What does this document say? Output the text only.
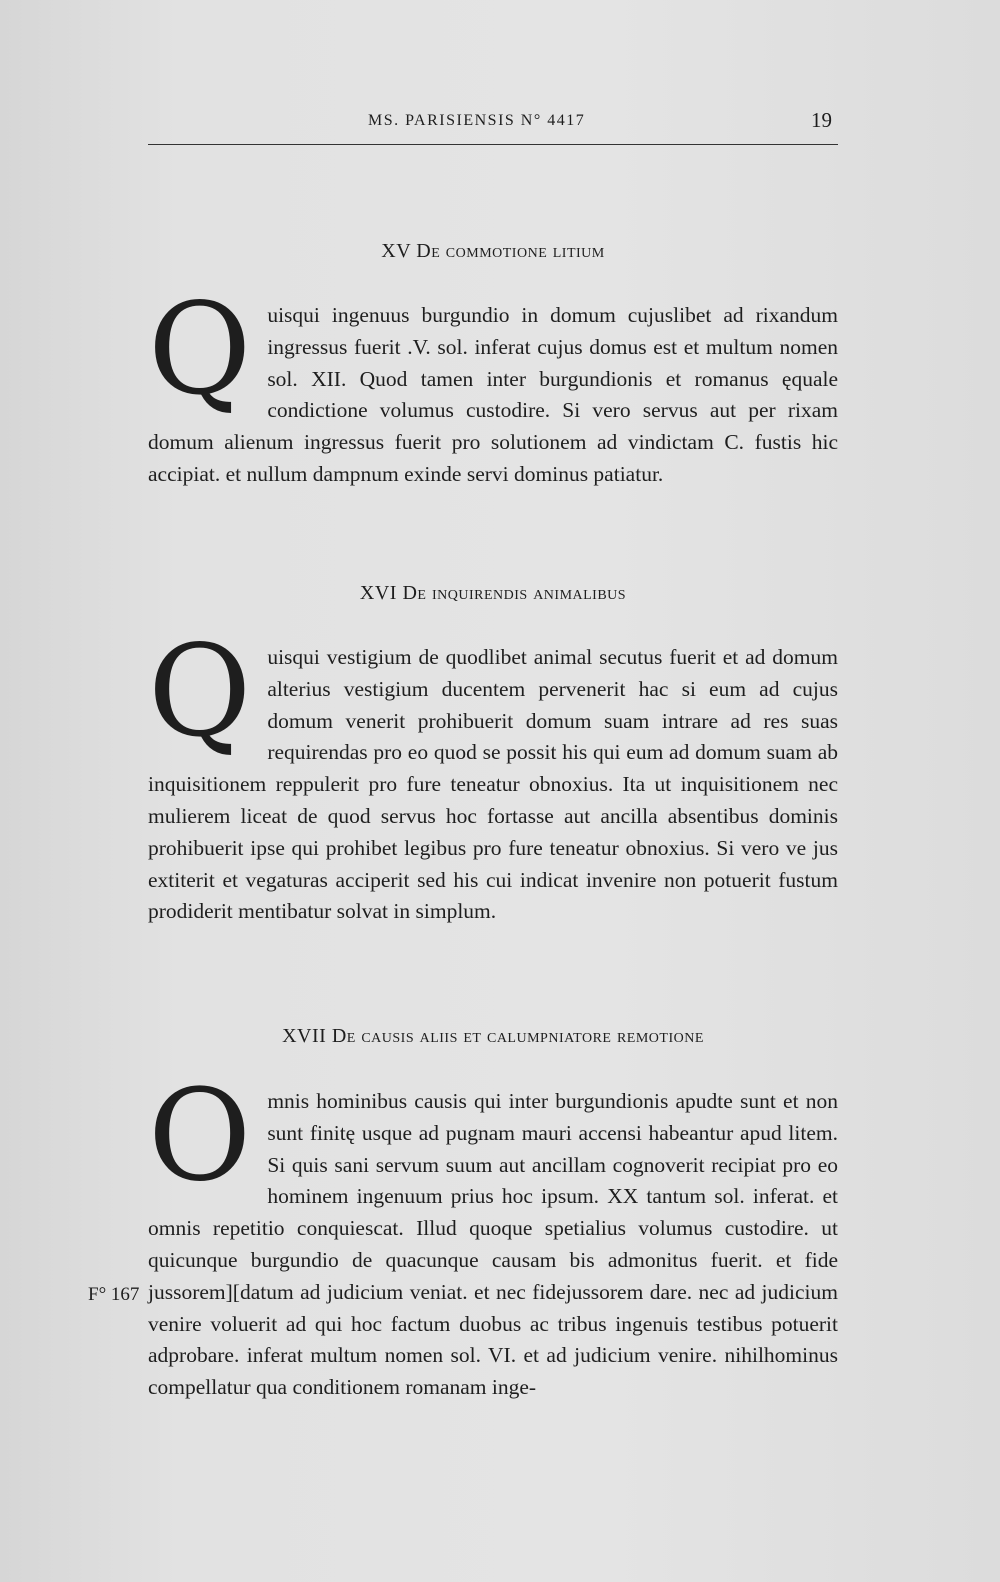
MS. PARISIENSIS N° 4417	19
XV De commotione litium

Quisqui ingenuus burgundio in domum cujuslibet ad rixandum ingressus fuerit .V. sol. inferat cujus domus est et multum nomen sol. XII. Quod tamen inter burgundionis et romanus ęquale condictione volumus custodire. Si vero servus aut per rixam domum alienum ingressus fuerit pro solutionem ad vindictam C. fustis hic accipiat. et nullum dampnum exinde servi dominus patiatur.

XVI De inquirendis animalibus

Quisqui vestigium de quodlibet animal secutus fuerit et ad domum alterius vestigium ducentem pervenerit hac si eum ad cujus domum venerit prohibuerit domum suam intrare ad res suas requirendas pro eo quod se possit his qui eum ad domum suam ab inquisitionem reppulerit pro fure teneatur obnoxius. Ita ut inquisitionem nec mulierem liceat de quod servus hoc fortasse aut ancilla absentibus dominis prohibuerit ipse qui prohibet legibus pro fure teneatur obnoxius. Si vero ve jus extiterit et vegaturas acciperit sed his cui indicat invenire non potuerit fustum prodiderit mentibatur solvat in simplum.

XVII De causis aliis et calumpniatore remotione

Omnis hominibus causis qui inter burgundionis apudte sunt et non sunt finitę usque ad pugnam mauri accensi habeantur apud litem. Si quis sani servum suum aut ancillam cognoverit recipiat pro eo hominem ingenuum prius hoc ipsum. XX tantum sol. inferat. et omnis repetitio conquiescat. Illud quoque spetialius volumus custodire. ut quicunque burgundio de quacunque causam bis admonitus fuerit. et fide jussorem][datum ad judicium veniat. et nec fidejussorem dare. nec ad judicium venire voluerit ad qui hoc factum duobus ac tribus ingenuis testibus potuerit adprobare. inferat multum nomen sol. VI. et ad judicium venire. nihilhominus compellatur qua conditionem romanam inge-

F° 167
